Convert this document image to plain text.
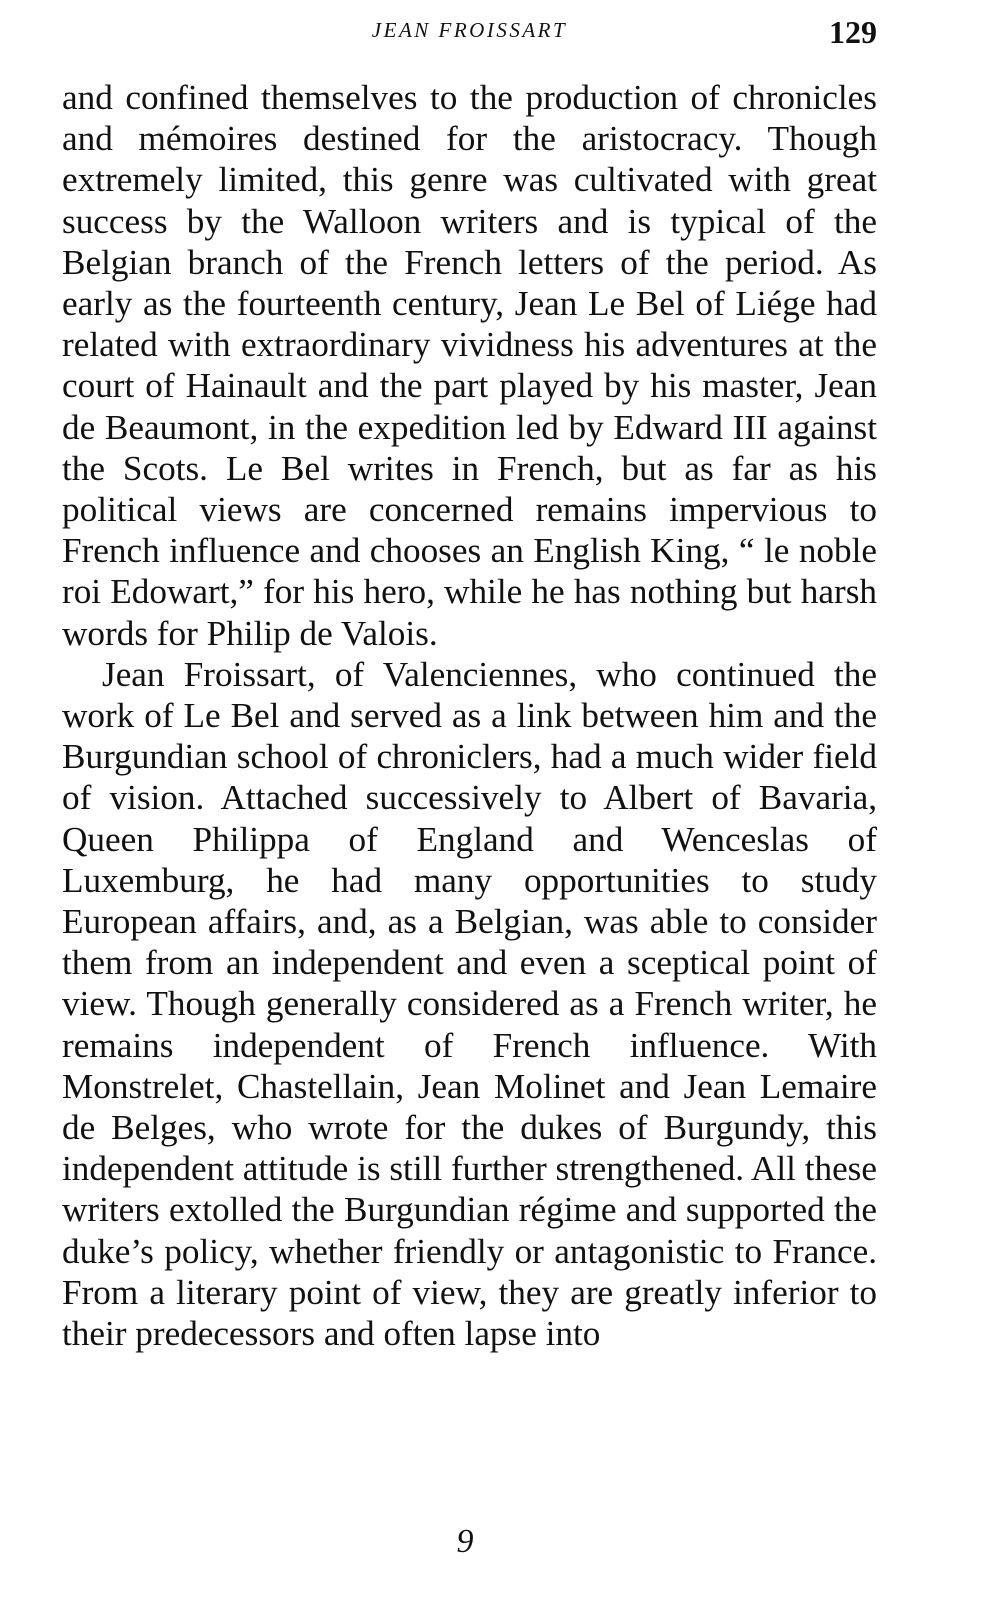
JEAN FROISSART	129

and confined themselves to the production of chronicles and mémoires destined for the aristocracy. Though extremely limited, this genre was cultivated with great success by the Walloon writers and is typical of the Belgian branch of the French letters of the period. As early as the fourteenth century, Jean Le Bel of Liége had related with extraordinary vividness his adventures at the court of Hainault and the part played by his master, Jean de Beaumont, in the expedition led by Edward III against the Scots. Le Bel writes in French, but as far as his political views are concerned remains impervious to French influence and chooses an English King, “ le noble roi Edowart,” for his hero, while he has nothing but harsh words for Philip de Valois.

Jean Froissart, of Valenciennes, who continued the work of Le Bel and served as a link between him and the Burgundian school of chroniclers, had a much wider field of vision. Attached successively to Albert of Bavaria, Queen Philippa of England and Wenceslas of Luxemburg, he had many opportunities to study European affairs, and, as a Belgian, was able to consider them from an independent and even a sceptical point of view. Though generally considered as a French writer, he remains independent of French influence. With Monstrelet, Chastellain, Jean Molinet and Jean Lemaire de Belges, who wrote for the dukes of Burgundy, this independent attitude is still further strengthened. All these writers extolled the Burgundian régime and supported the duke’s policy, whether friendly or antagonistic to France. From a literary point of view, they are greatly inferior to their predecessors and often lapse into

9
